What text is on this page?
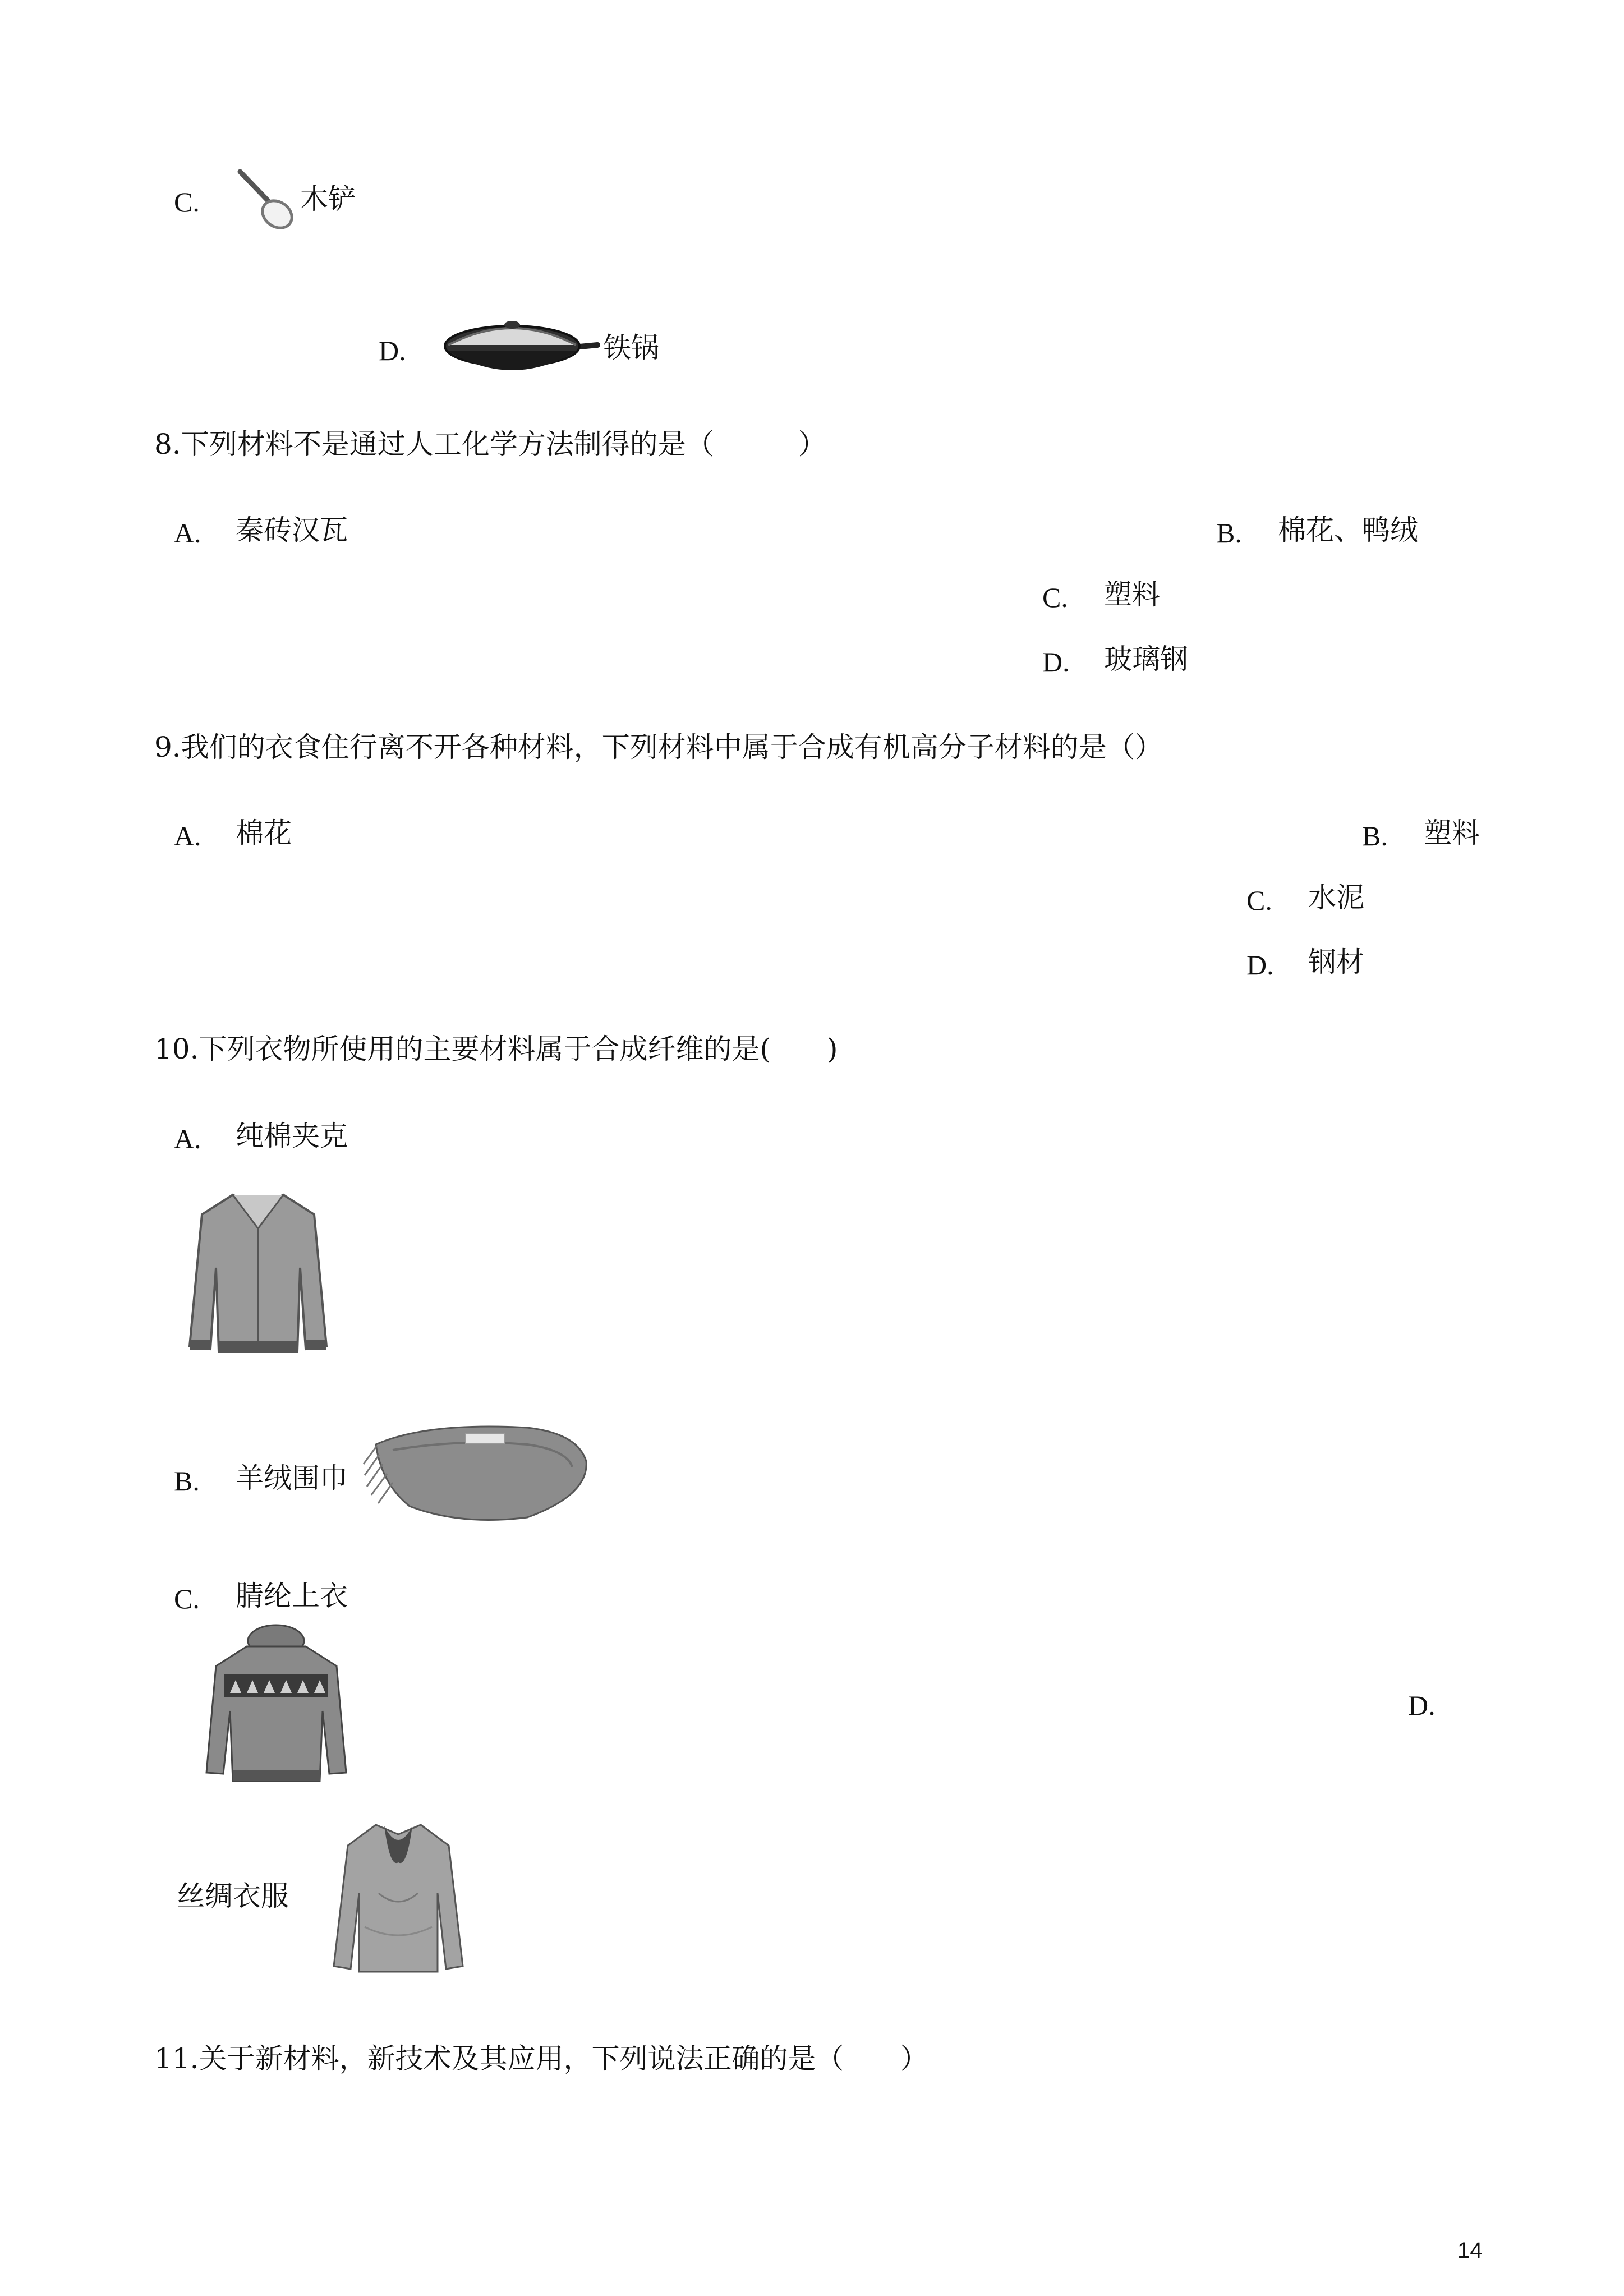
C.	木铲
D.	铁锅
8.下列材料不是通过人工化学方法制得的是（　　　）
A. 秦砖汉瓦	B. 棉花、鸭绒
C. 塑料
D. 玻璃钢
9.我们的衣食住行离不开各种材料，下列材料中属于合成有机高分子材料的是（）
A. 棉花	B. 塑料
C. 水泥
D. 钢材
10.下列衣物所使用的主要材料属于合成纤维的是(　　)
A. 纯棉夹克
B. 羊绒围巾
C. 腈纶上衣
D.
丝绸衣服
11.关于新材料，新技术及其应用，下列说法正确的是（　　）
14
